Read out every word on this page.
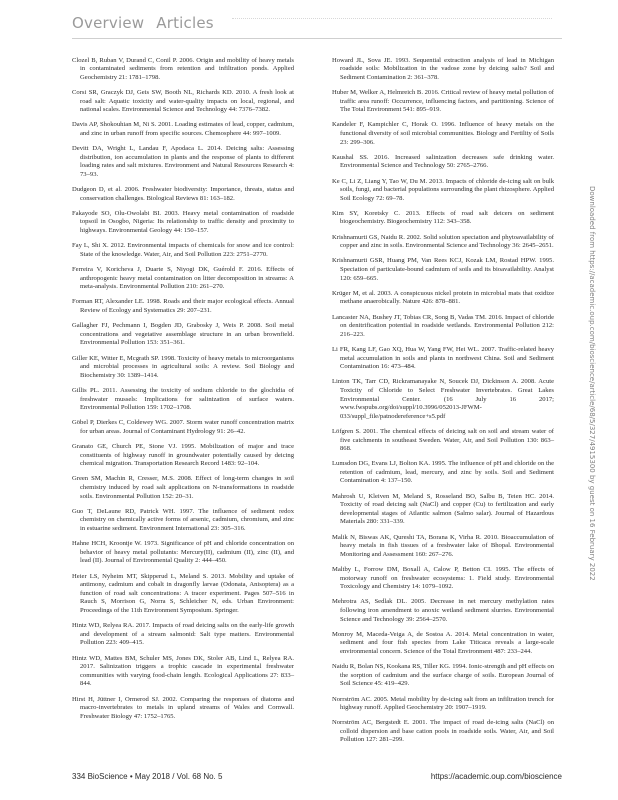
Overview Articles

Clozel B, Ruban V, Durand C, Conil P. 2006. Origin and mobility of heavy metals in contaminated sediments from retention and infiltration ponds. Applied Geochemistry 21: 1781–1798.

Corsi SR, Graczyk DJ, Geis SW, Booth NL, Richards KD. 2010. A fresh look at road salt: Aquatic toxicity and water-quality impacts on local, regional, and national scales. Environmental Science and Technology 44: 7376–7382.

Davis AP, Shokouhian M, Ni S. 2001. Loading estimates of lead, copper, cadmium, and zinc in urban runoff from specific sources. Chemosphere 44: 997–1009.

Devitt DA, Wright L, Landau F, Apodaca L. 2014. Deicing salts: Assessing distribution, ion accumulation in plants and the response of plants to different loading rates and salt mixtures. Environment and Natural Resources Research 4: 73–93.

Dudgeon D, et al. 2006. Freshwater biodiversity: Importance, threats, status and conservation challenges. Biological Reviews 81: 163–182.

Fakayode SO, Olu-Owolabi BI. 2003. Heavy metal contamination of roadside topsoil in Osogbo, Nigeria: Its relationship to traffic density and proximity to highways. Environmental Geology 44: 150–157.

Fay L, Shi X. 2012. Environmental impacts of chemicals for snow and ice control: State of the knowledge. Water, Air, and Soil Pollution 223: 2751–2770.

Ferreira V, Koricheva J, Duarte S, Niyogi DK, Guérold F. 2016. Effects of anthropogenic heavy metal contamination on litter decomposition in streams: A meta-analysis. Environmental Pollution 210: 261–270.

Forman RT, Alexander LE. 1998. Roads and their major ecological effects. Annual Review of Ecology and Systematics 29: 207–231.

Gallagher FJ, Pechmann I, Bogden JD, Grabosky J, Weis P. 2008. Soil metal concentrations and vegetative assemblage structure in an urban brownfield. Environmental Pollution 153: 351–361.

Giller KE, Witter E, Mcgrath SP. 1998. Toxicity of heavy metals to microorganisms and microbial processes in agricultural soils: A review. Soil Biology and Biochemistry 30: 1389–1414.

Gillis PL. 2011. Assessing the toxicity of sodium chloride to the glochidia of freshwater mussels: Implications for salinization of surface waters. Environmental Pollution 159: 1702–1708.

Göbel P, Dierkes C, Coldewey WG. 2007. Storm water runoff concentration matrix for urban areas. Journal of Contaminant Hydrology 91: 26–42.

Granato GE, Church PE, Stone VJ. 1995. Mobilization of major and trace constituents of highway runoff in groundwater potentially caused by deicing chemical migration. Transportation Research Record 1483: 92–104.

Green SM, Machin R, Cresser, M.S. 2008. Effect of long-term changes in soil chemistry induced by road salt applications on N-transformations in roadside soils. Environmental Pollution 152: 20–31.

Guo T, DeLaune RD, Patrick WH. 1997. The influence of sediment redox chemistry on chemically active forms of arsenic, cadmium, chromium, and zinc in estuarine sediment. Environment International 23: 305–316.

Hahne HCH, Kroontje W. 1973. Significance of pH and chloride concentration on behavior of heavy metal pollutants: Mercury(II), cadmium (II), zinc (II), and lead (II). Journal of Environmental Quality 2: 444–450.

Heier LS, Nyheim MT, Skipperud L, Meland S. 2013. Mobility and uptake of antimony, cadmium and cobalt in dragonfly larvae (Odonata, Anisoptera) as a function of road salt concentrations: A tracer experiment. Pages 507–516 in Rauch S, Morrison G, Norra S, Schleicher N, eds. Urban Environment: Proceedings of the 11th Environment Symposium. Springer.

Hintz WD, Relyea RA. 2017. Impacts of road deicing salts on the early-life growth and development of a stream salmonid: Salt type matters. Environmental Pollution 223: 409–415.

Hintz WD, Mattes BM, Schuler MS, Jones DK, Stoler AB, Lind L, Relyea RA. 2017. Salinization triggers a trophic cascade in experimental freshwater communities with varying food-chain length. Ecological Applications 27: 833–844.

Hirst H, Jüttner I, Ormerod SJ. 2002. Comparing the responses of diatoms and macro-invertebrates to metals in upland streams of Wales and Cornwall. Freshwater Biology 47: 1752–1765.

Howard JL, Sova JE. 1993. Sequential extraction analysis of lead in Michigan roadside soils: Mobilization in the vadose zone by deicing salts? Soil and Sediment Contamination 2: 361–378.

Huber M, Welker A, Helmreich B. 2016. Critical review of heavy metal pollution of traffic area runoff: Occurrence, influencing factors, and partitioning. Science of The Total Environment 541: 895–919.

Kandeler F, Kampichler C, Horak O. 1996. Influence of heavy metals on the functional diversity of soil microbial communities. Biology and Fertility of Soils 23: 299–306.

Kaushal SS. 2016. Increased salinization decreases safe drinking water. Environmental Science and Technology 50: 2765–2766.

Ke C, Li Z, Liang Y, Tao W, Du M. 2013. Impacts of chloride de-icing salt on bulk soils, fungi, and bacterial populations surrounding the plant rhizosphere. Applied Soil Ecology 72: 69–78.

Kim SY, Koretsky C. 2013. Effects of road salt deicers on sediment biogeochemistry. Biogeochemistry 112: 343–358.

Krishnamurti GS, Naidu R. 2002. Solid solution speciation and phytoavailability of copper and zinc in soils. Environmental Science and Technology 36: 2645–2651.

Krishnamurti GSR, Huang PM, Van Rees KCJ, Kozak LM, Rostad HPW. 1995. Speciation of particulate-bound cadmium of soils and its bioavailability. Analyst 120: 659–665.

Krüger M, et al. 2003. A conspicuous nickel protein in microbial mats that oxidize methane anaerobically. Nature 426: 878–881.

Lancaster NA, Bushey JT, Tobias CR, Song B, Vadas TM. 2016. Impact of chloride on denitrification potential in roadside wetlands. Environmental Pollution 212: 216–223.

Li FR, Kang LF, Gao XQ, Hua W, Yang FW, Hei WL. 2007. Traffic-related heavy metal accumulation in soils and plants in northwest China. Soil and Sediment Contamination 16: 473–484.

Linton TK, Tarr CD, Rickramanayake N, Soucek DJ, Dickinson A. 2008. Acute Toxicity of Chloride to Select Freshwater Invertebrates. Great Lakes Environmental Center. (16 July 16 2017; www.fwspubs.org/doi/suppl/10.3996/052013-JFWM-033/suppl_file/patnodereference+s5.pdf

Löfgren S. 2001. The chemical effects of deicing salt on soil and stream water of five catchments in southeast Sweden. Water, Air, and Soil Pollution 130: 863–868.

Lumsdon DG, Evans LJ, Bolton KA. 1995. The influence of pH and chloride on the retention of cadmium, lead, mercury, and zinc by soils. Soil and Sediment Contamination 4: 137–150.

Mahrosh U, Kleiven M, Meland S, Rosseland BO, Salbu B, Teien HC. 2014. Toxicity of road deicing salt (NaCl) and copper (Cu) to fertilization and early developmental stages of Atlantic salmon (Salmo salar). Journal of Hazardous Materials 280: 331–339.

Malik N, Biswas AK, Qureshi TA, Borana K, Virha R. 2010. Bioaccumulation of heavy metals in fish tissues of a freshwater lake of Bhopal. Environmental Monitoring and Assessment 160: 267–276.

Maltby L, Forrow DM, Boxall A, Calow P, Betton CI. 1995. The effects of motorway runoff on freshwater ecosystems: 1. Field study. Environmental Toxicology and Chemistry 14: 1079–1092.

Mehrotra AS, Sedlak DL. 2005. Decrease in net mercury methylation rates following iron amendment to anoxic wetland sediment slurries. Environmental Science and Technology 39: 2564–2570.

Monroy M, Maceda-Veiga A, de Sostoa A. 2014. Metal concentration in water, sediment and four fish species from Lake Titicaca reveals a large-scale environmental concern. Science of the Total Environment 487: 233–244.

Naidu R, Bolan NS, Kookana RS, Tiller KG. 1994. Ionic-strength and pH effects on the sorption of cadmium and the surface charge of soils. European Journal of Soil Science 45: 419–429.

Norrström AC. 2005. Metal mobility by de-icing salt from an infiltration trench for highway runoff. Applied Geochemistry 20: 1907–1919.

Norrström AC, Bergstedt E. 2001. The impact of road de-icing salts (NaCl) on colloid dispersion and base cation pools in roadside soils. Water, Air, and Soil Pollution 127: 281–299.

Downloaded from https://academic.oup.com/bioscience/article/68/5/327/4915300 by guest on 16 February 2022
334 BioScience • May 2018 / Vol. 68 No. 5	https://academic.oup.com/bioscience
